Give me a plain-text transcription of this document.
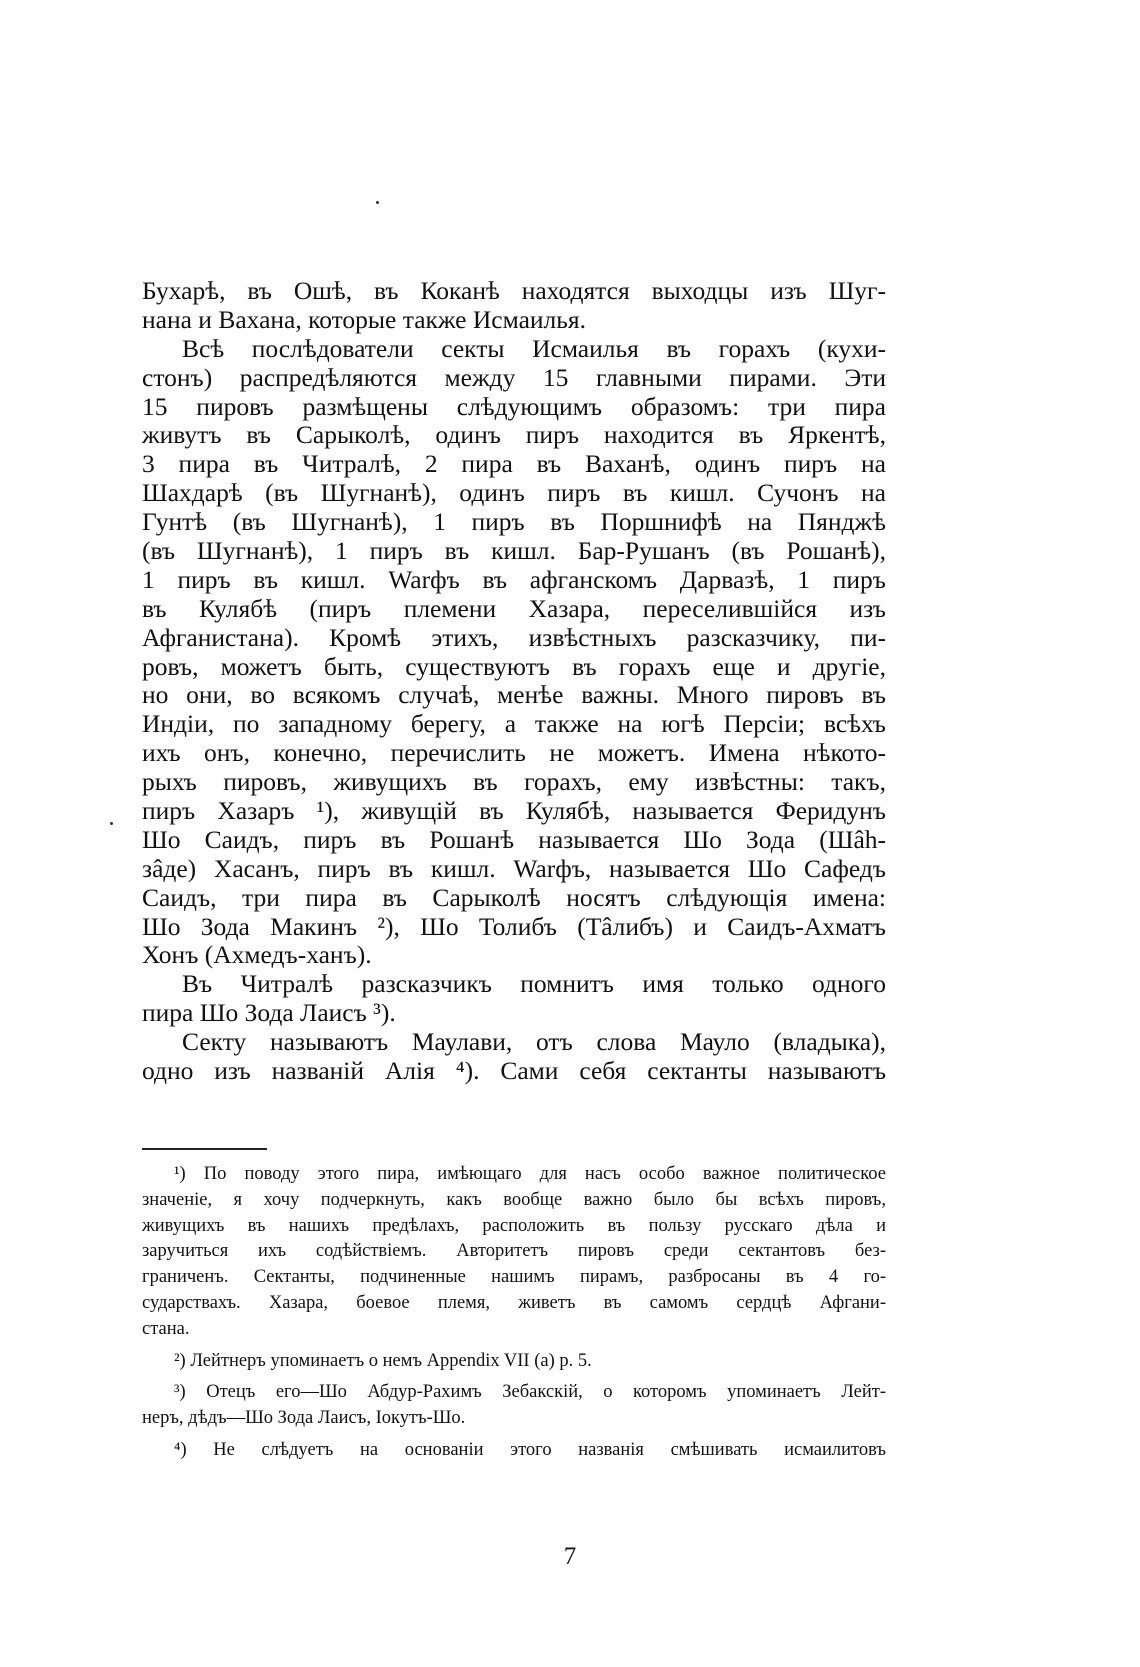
Бухарѣ, въ Ошѣ, въ Коканѣ находятся выходцы изъ Шуг-
нана и Вахана, которые также Исмаилья.
Всѣ послѣдователи секты Исмаилья въ горахъ (кухи-
стонъ) распредѣляются между 15 главными пирами. Эти
15 пировъ размѣщены слѣдующимъ образомъ: три пира
живутъ въ Сарыколѣ, одинъ пиръ находится въ Яркентѣ,
3 пира въ Читралѣ, 2 пира въ Ваханѣ, одинъ пиръ на
Шахдарѣ (въ Шугнанѣ), одинъ пиръ въ кишл. Сучонъ на
Гунтѣ (въ Шугнанѣ), 1 пиръ въ Поршнифѣ на Пянджѣ
(въ Шугнанѣ), 1 пиръ въ кишл. Бар-Рушанъ (въ Рошанѣ),
1 пиръ въ кишл. Warфъ въ афганскомъ Дарвазѣ, 1 пиръ
въ Кулябѣ (пиръ племени Хазара, переселившійся изъ
Афганистана). Кромѣ этихъ, извѣстныхъ разсказчику, пи-
ровъ, можетъ быть, существуютъ въ горахъ еще и другіе,
но они, во всякомъ случаѣ, менѣе важны. Много пировъ въ
Индіи, по западному берегу, а также на югѣ Персіи; всѣхъ
ихъ онъ, конечно, перечислить не можетъ. Имена нѣкото-
рыхъ пировъ, живущихъ въ горахъ, ему извѣстны: такъ,
пиръ Хазаръ ¹), живущій въ Кулябѣ, называется Феридунъ
Шо Саидъ, пиръ въ Рошанѣ называется Шо Зода (Шâh-
зâде) Хасанъ, пиръ въ кишл. Warфъ, называется Шо Сафедъ
Саидъ, три пира въ Сарыколѣ носятъ слѣдующія имена:
Шо Зода Макинъ ²), Шо Толибъ (Тâлибъ) и Саидъ-Ахматъ
Хонъ (Ахмедъ-ханъ).
Въ Читралѣ разсказчикъ помнитъ имя только одного
пира Шо Зода Лаисъ ³).
Секту называютъ Маулави, отъ слова Мауло (владыка),
одно изъ названій Алія ⁴). Сами себя сектанты называютъ
¹) По поводу этого пира, имѣющаго для насъ особо важное политическое
значеніе, я хочу подчеркнуть, какъ вообще важно было бы всѣхъ пировъ,
живущихъ въ нашихъ предѣлахъ, расположить въ пользу русскаго дѣла и
заручиться ихъ содѣйствіемъ. Авторитетъ пировъ среди сектантовъ без-
граниченъ. Сектанты, подчиненные нашимъ пирамъ, разбросаны въ 4 го-
сударствахъ. Хазара, боевое племя, живетъ въ самомъ сердцѣ Афгани-
стана.
²) Лейтнеръ упоминаетъ о немъ Appendix VII (a) p. 5.
³) Отецъ его—Шо Абдур-Рахимъ Зебакскій, о которомъ упоминаетъ Лейт-
неръ, дѣдъ—Шо Зода Лаисъ, Іокутъ-Шо.
⁴) Не слѣдуетъ на основаніи этого названія смѣшивать исмаилитовъ
7
